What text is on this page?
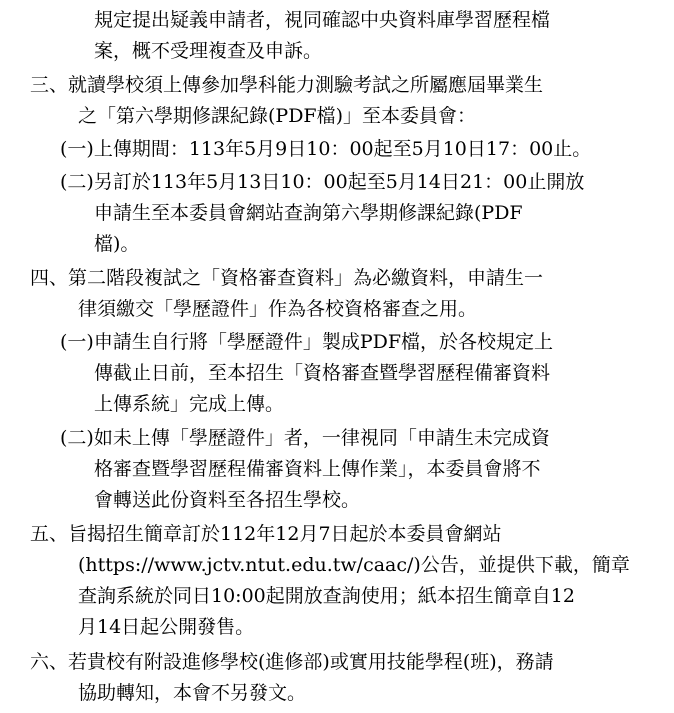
規定提出疑義申請者，視同確認中央資料庫學習歷程檔
案，概不受理複查及申訴。
三、就讀學校須上傳參加學科能力測驗考試之所屬應屆畢業生
之「第六學期修課紀錄(PDF檔)」至本委員會：
(一)上傳期間：113年5月9日10：00起至5月10日17：00止。
(二)另訂於113年5月13日10：00起至5月14日21：00止開放
申請生至本委員會網站查詢第六學期修課紀錄(PDF
檔)。
四、第二階段複試之「資格審查資料」為必繳資料，申請生一
律須繳交「學歷證件」作為各校資格審查之用。
(一)申請生自行將「學歷證件」製成PDF檔，於各校規定上
傳截止日前，至本招生「資格審查暨學習歷程備審資料
上傳系統」完成上傳。
(二)如未上傳「學歷證件」者，一律視同「申請生未完成資
格審查暨學習歷程備審資料上傳作業」，本委員會將不
會轉送此份資料至各招生學校。
五、旨揭招生簡章訂於112年12月7日起於本委員會網站
(https://www.jctv.ntut.edu.tw/caac/)公告，並提供下載，簡章
查詢系統於同日10:00起開放查詢使用；紙本招生簡章自12
月14日起公開發售。
六、若貴校有附設進修學校(進修部)或實用技能學程(班)，務請
協助轉知，本會不另發文。
